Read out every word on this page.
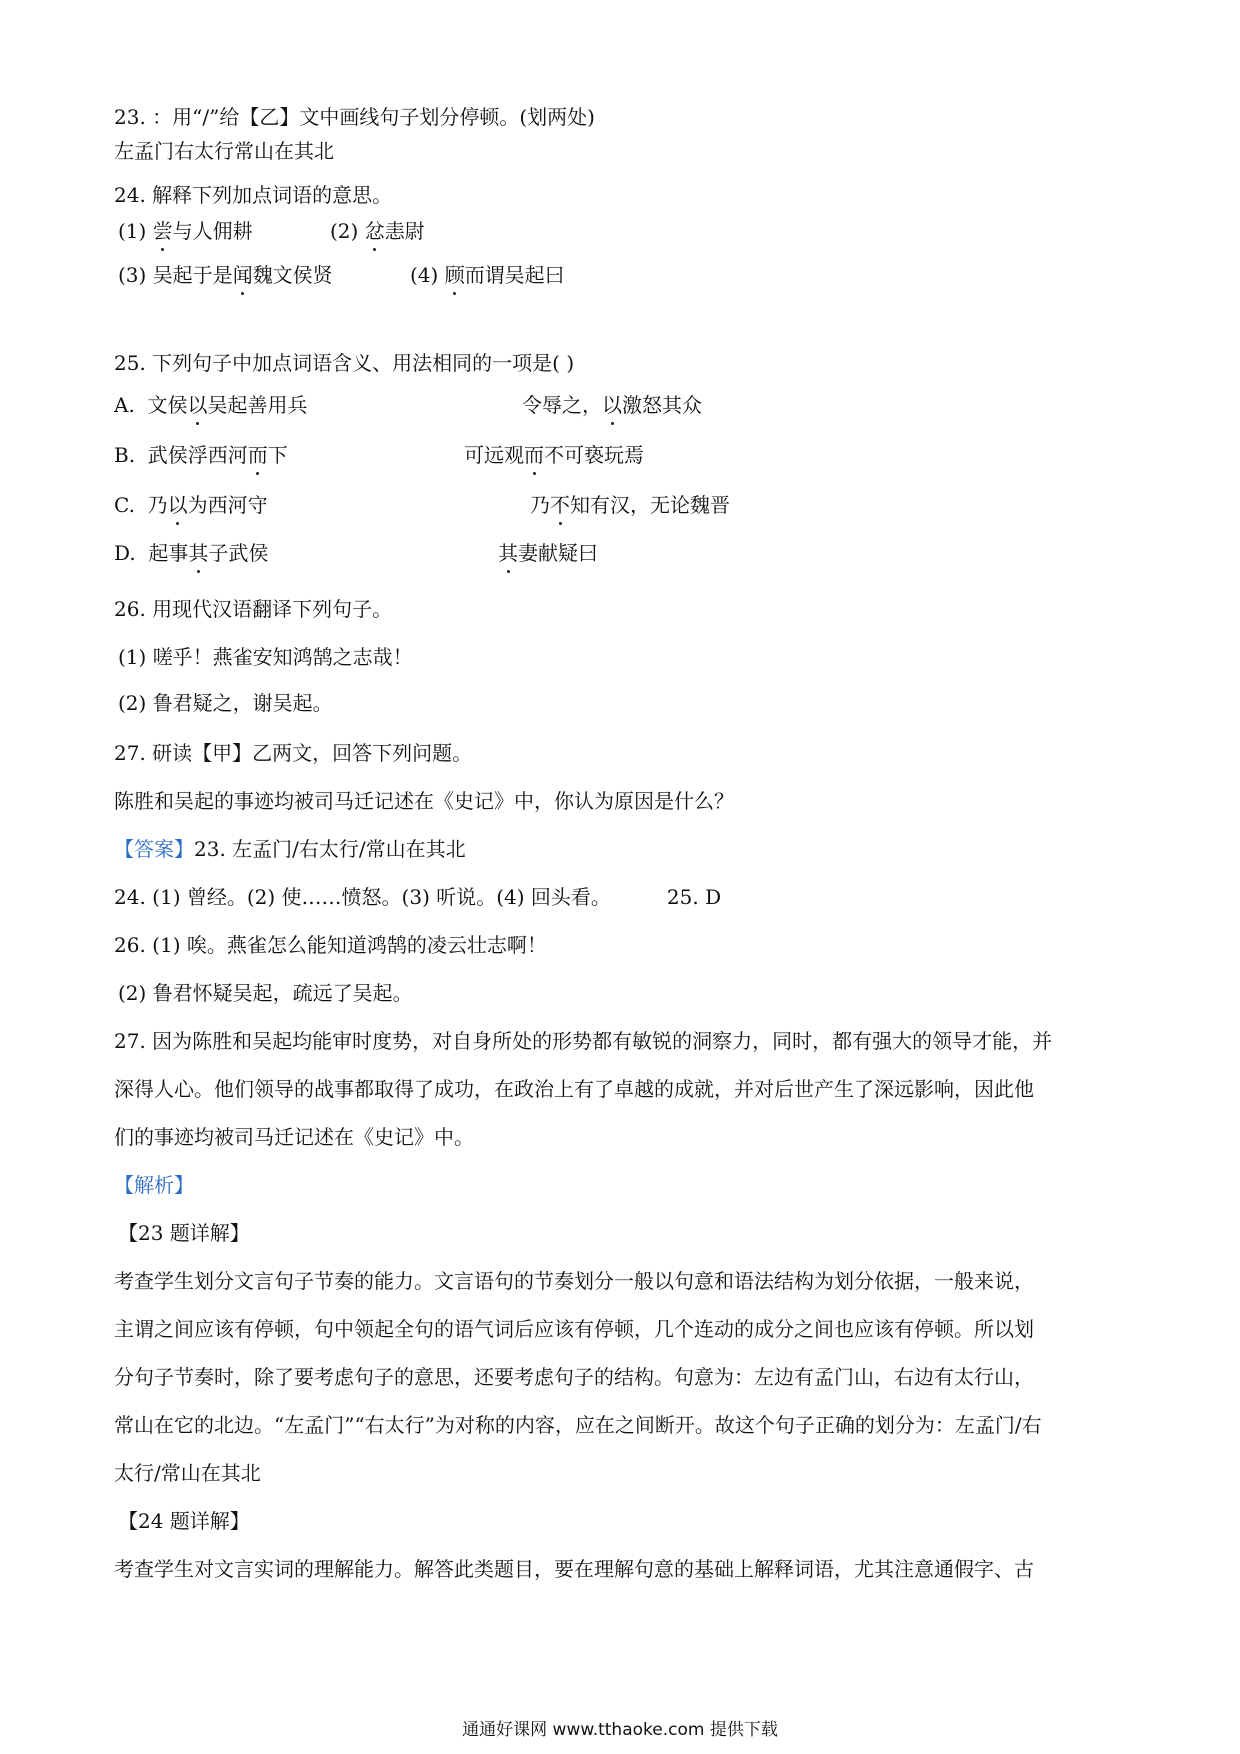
23. ：用“/”给【乙】文中画线句子划分停顿。(划两处)
左孟门右太行常山在其北
24. 解释下列加点词语的意思。
(1) 尝与人佣耕	(2) 忿恚尉
(3) 吴起于是闻魏文侯贤	(4) 顾而谓吴起曰
25. 下列句子中加点词语含义、用法相同的一项是( )
A. 文侯以吴起善用兵	令辱之，以激怒其众
B. 武侯浮西河而下	可远观而不可亵玩焉
C. 乃以为西河守	乃不知有汉，无论魏晋
D. 起事其子武侯	其妻献疑曰
26. 用现代汉语翻译下列句子。
(1) 嗟乎！燕雀安知鸿鹄之志哉！
(2) 鲁君疑之，谢吴起。
27. 研读【甲】乙两文，回答下列问题。
陈胜和吴起的事迹均被司马迁记述在《史记》中，你认为原因是什么？
【答案】23. 左孟门/右太行/常山在其北
24. (1) 曾经。(2) 使……愤怒。(3) 听说。(4) 回头看。	25. D
26. (1) 唉。燕雀怎么能知道鸿鹄的凌云壮志啊！
(2) 鲁君怀疑吴起，疏远了吴起。
27. 因为陈胜和吴起均能审时度势，对自身所处的形势都有敏锐的洞察力，同时，都有强大的领导才能，并
深得人心。他们领导的战事都取得了成功，在政治上有了卓越的成就，并对后世产生了深远影响，因此他
们的事迹均被司马迁记述在《史记》中。
【解析】
【23 题详解】
考查学生划分文言句子节奏的能力。文言语句的节奏划分一般以句意和语法结构为划分依据，一般来说，
主谓之间应该有停顿，句中领起全句的语气词后应该有停顿，几个连动的成分之间也应该有停顿。所以划
分句子节奏时，除了要考虑句子的意思，还要考虑句子的结构。句意为：左边有孟门山，右边有太行山，
常山在它的北边。“左孟门”“右太行”为对称的内容，应在之间断开。故这个句子正确的划分为：左孟门/右
太行/常山在其北
【24 题详解】
考查学生对文言实词的理解能力。解答此类题目，要在理解句意的基础上解释词语，尤其注意通假字、古
通通好课网 www.tthaoke.com 提供下载
